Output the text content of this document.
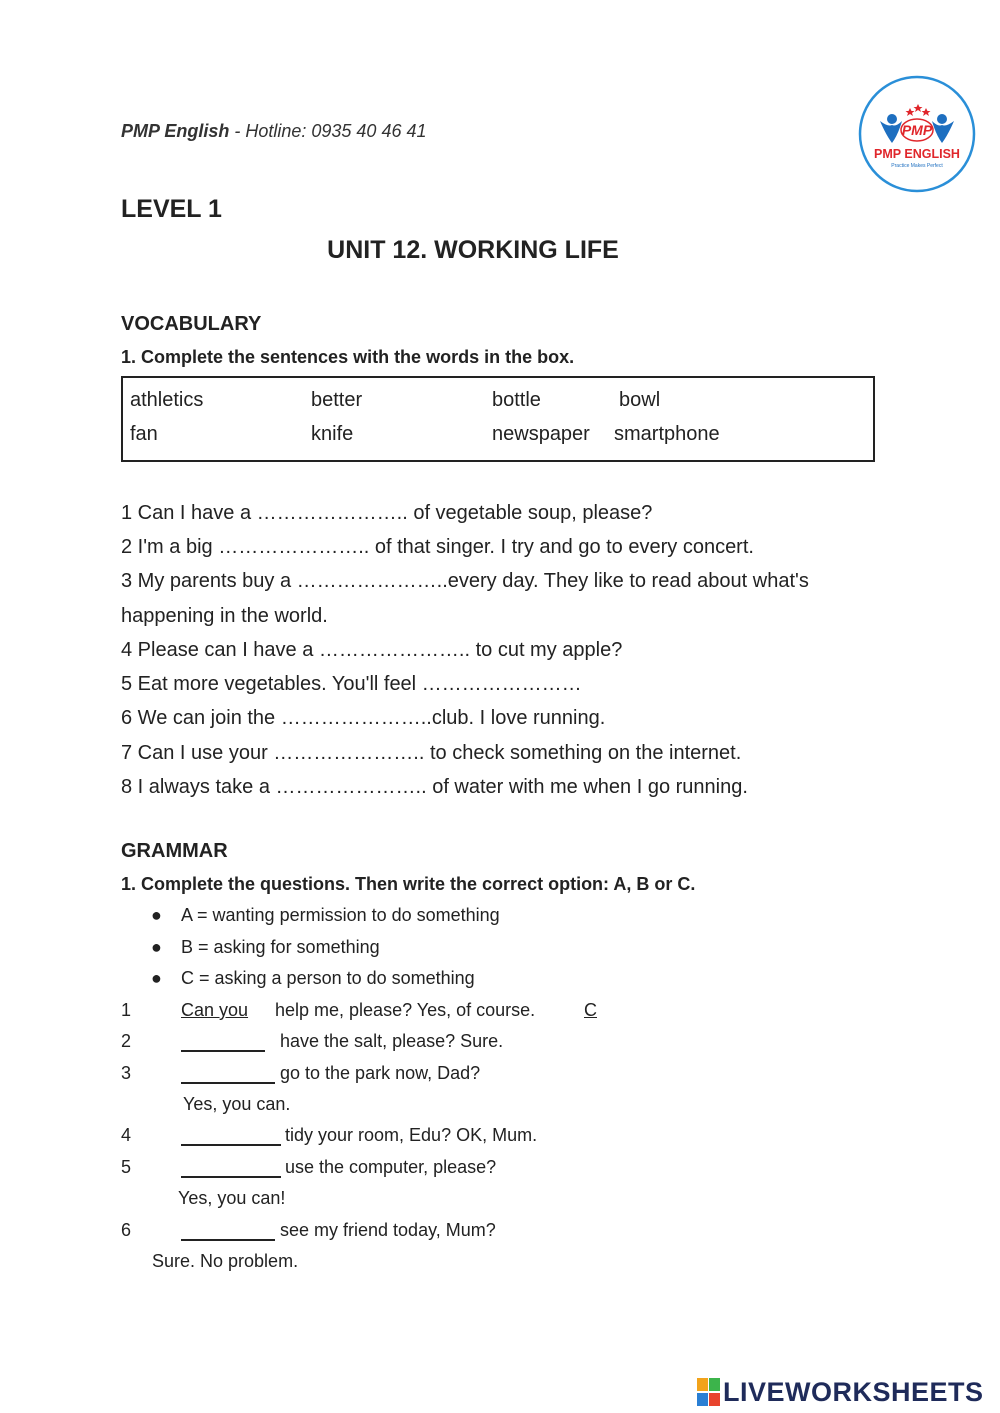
PMP English - Hotline: 0935 40 46 41	PMP
PMP ENGLISH
Practice Makes Perfect
LEVEL 1
UNIT 12. WORKING LIFE
VOCABULARY
1. Complete the sentences with the words in the box.
athletics	better	bottle	bowl
fan	knife	newspaper smartphone
1 Can I have a ………………….. of vegetable soup, please?
2 I'm a big ………………….. of that singer. I try and go to every concert.
3 My parents buy a …………………..every day. They like to read about what's
happening in the world.
4 Please can I have a ………………….. to cut my apple?
5 Eat more vegetables. You'll feel ……………………
6 We can join the …………………..club. I love running.
7 Can I use your ………………….. to check something on the internet.
8 I always take a ………………….. of water with me when I go running.
GRAMMAR
1. Complete the questions. Then write the correct option: A, B or C.
● A = wanting permission to do something
● B = asking for something
● C = asking a person to do something
1	Can you help me, please? Yes, of course.	C
2	have the salt, please? Sure.
3	go to the park now, Dad?
Yes, you can.
4	tidy your room, Edu? OK, Mum.
5	use the computer, please?
Yes, you can!
6	see my friend today, Mum?
Sure. No problem.
LIVEWORKSHEETS
